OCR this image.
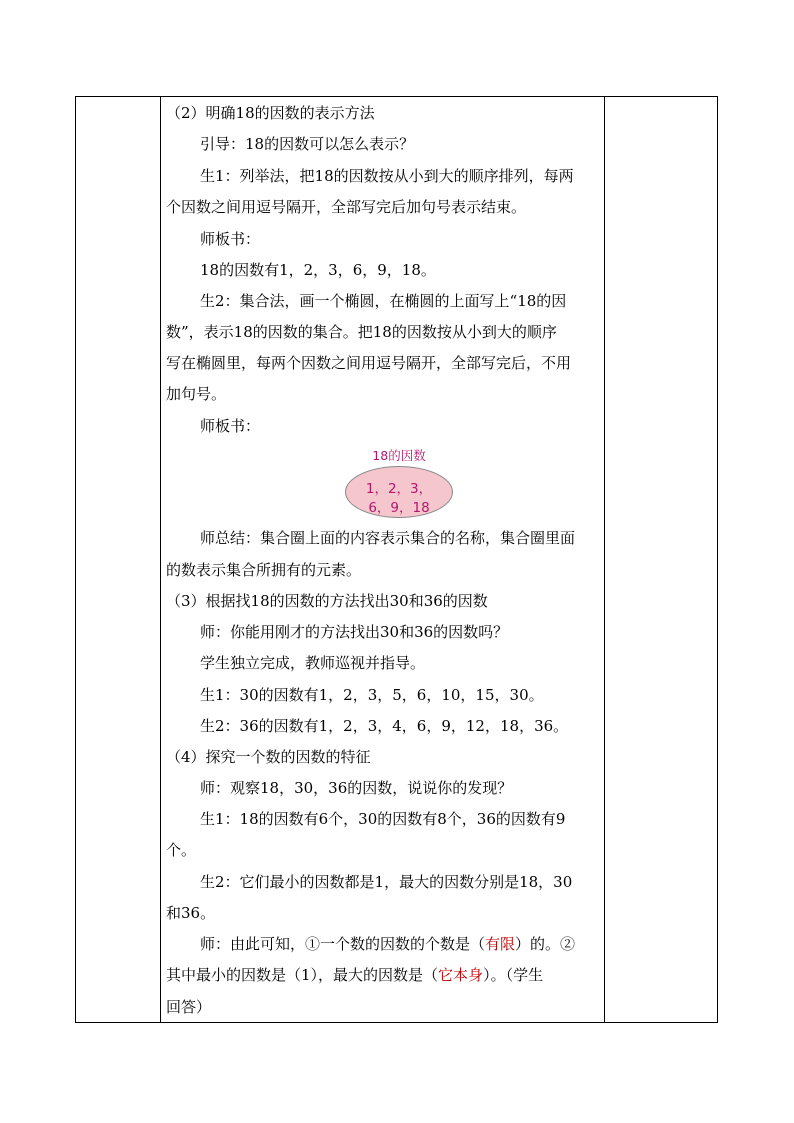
（2）明确18的因数的表示方法
引导：18的因数可以怎么表示？
生1：列举法，把18的因数按从小到大的顺序排列，每两
个因数之间用逗号隔开，全部写完后加句号表示结束。
师板书：
18的因数有1，2，3，6，9，18。
生2：集合法，画一个椭圆，在椭圆的上面写上“18的因
数”，表示18的因数的集合。把18的因数按从小到大的顺序
写在椭圆里，每两个因数之间用逗号隔开，全部写完后，不用
加句号。
师板书：
师总结：集合圈上面的内容表示集合的名称，集合圈里面
的数表示集合所拥有的元素。
（3）根据找18的因数的方法找出30和36的因数
师：你能用刚才的方法找出30和36的因数吗？
学生独立完成，教师巡视并指导。
生1：30的因数有1，2，3，5，6，10，15，30。
生2：36的因数有1，2，3，4，6，9，12，18，36。
（4）探究一个数的因数的特征
师：观察18，30，36的因数，说说你的发现？
生1：18的因数有6个，30的因数有8个，36的因数有9
个。
生2：它们最小的因数都是1，最大的因数分别是18，30
和36。
师：由此可知，①一个数的因数的个数是（有限）的。②
其中最小的因数是（1），最大的因数是（它本身）。（学生
回答）
18的因数
1，2，3，
6，9，18
